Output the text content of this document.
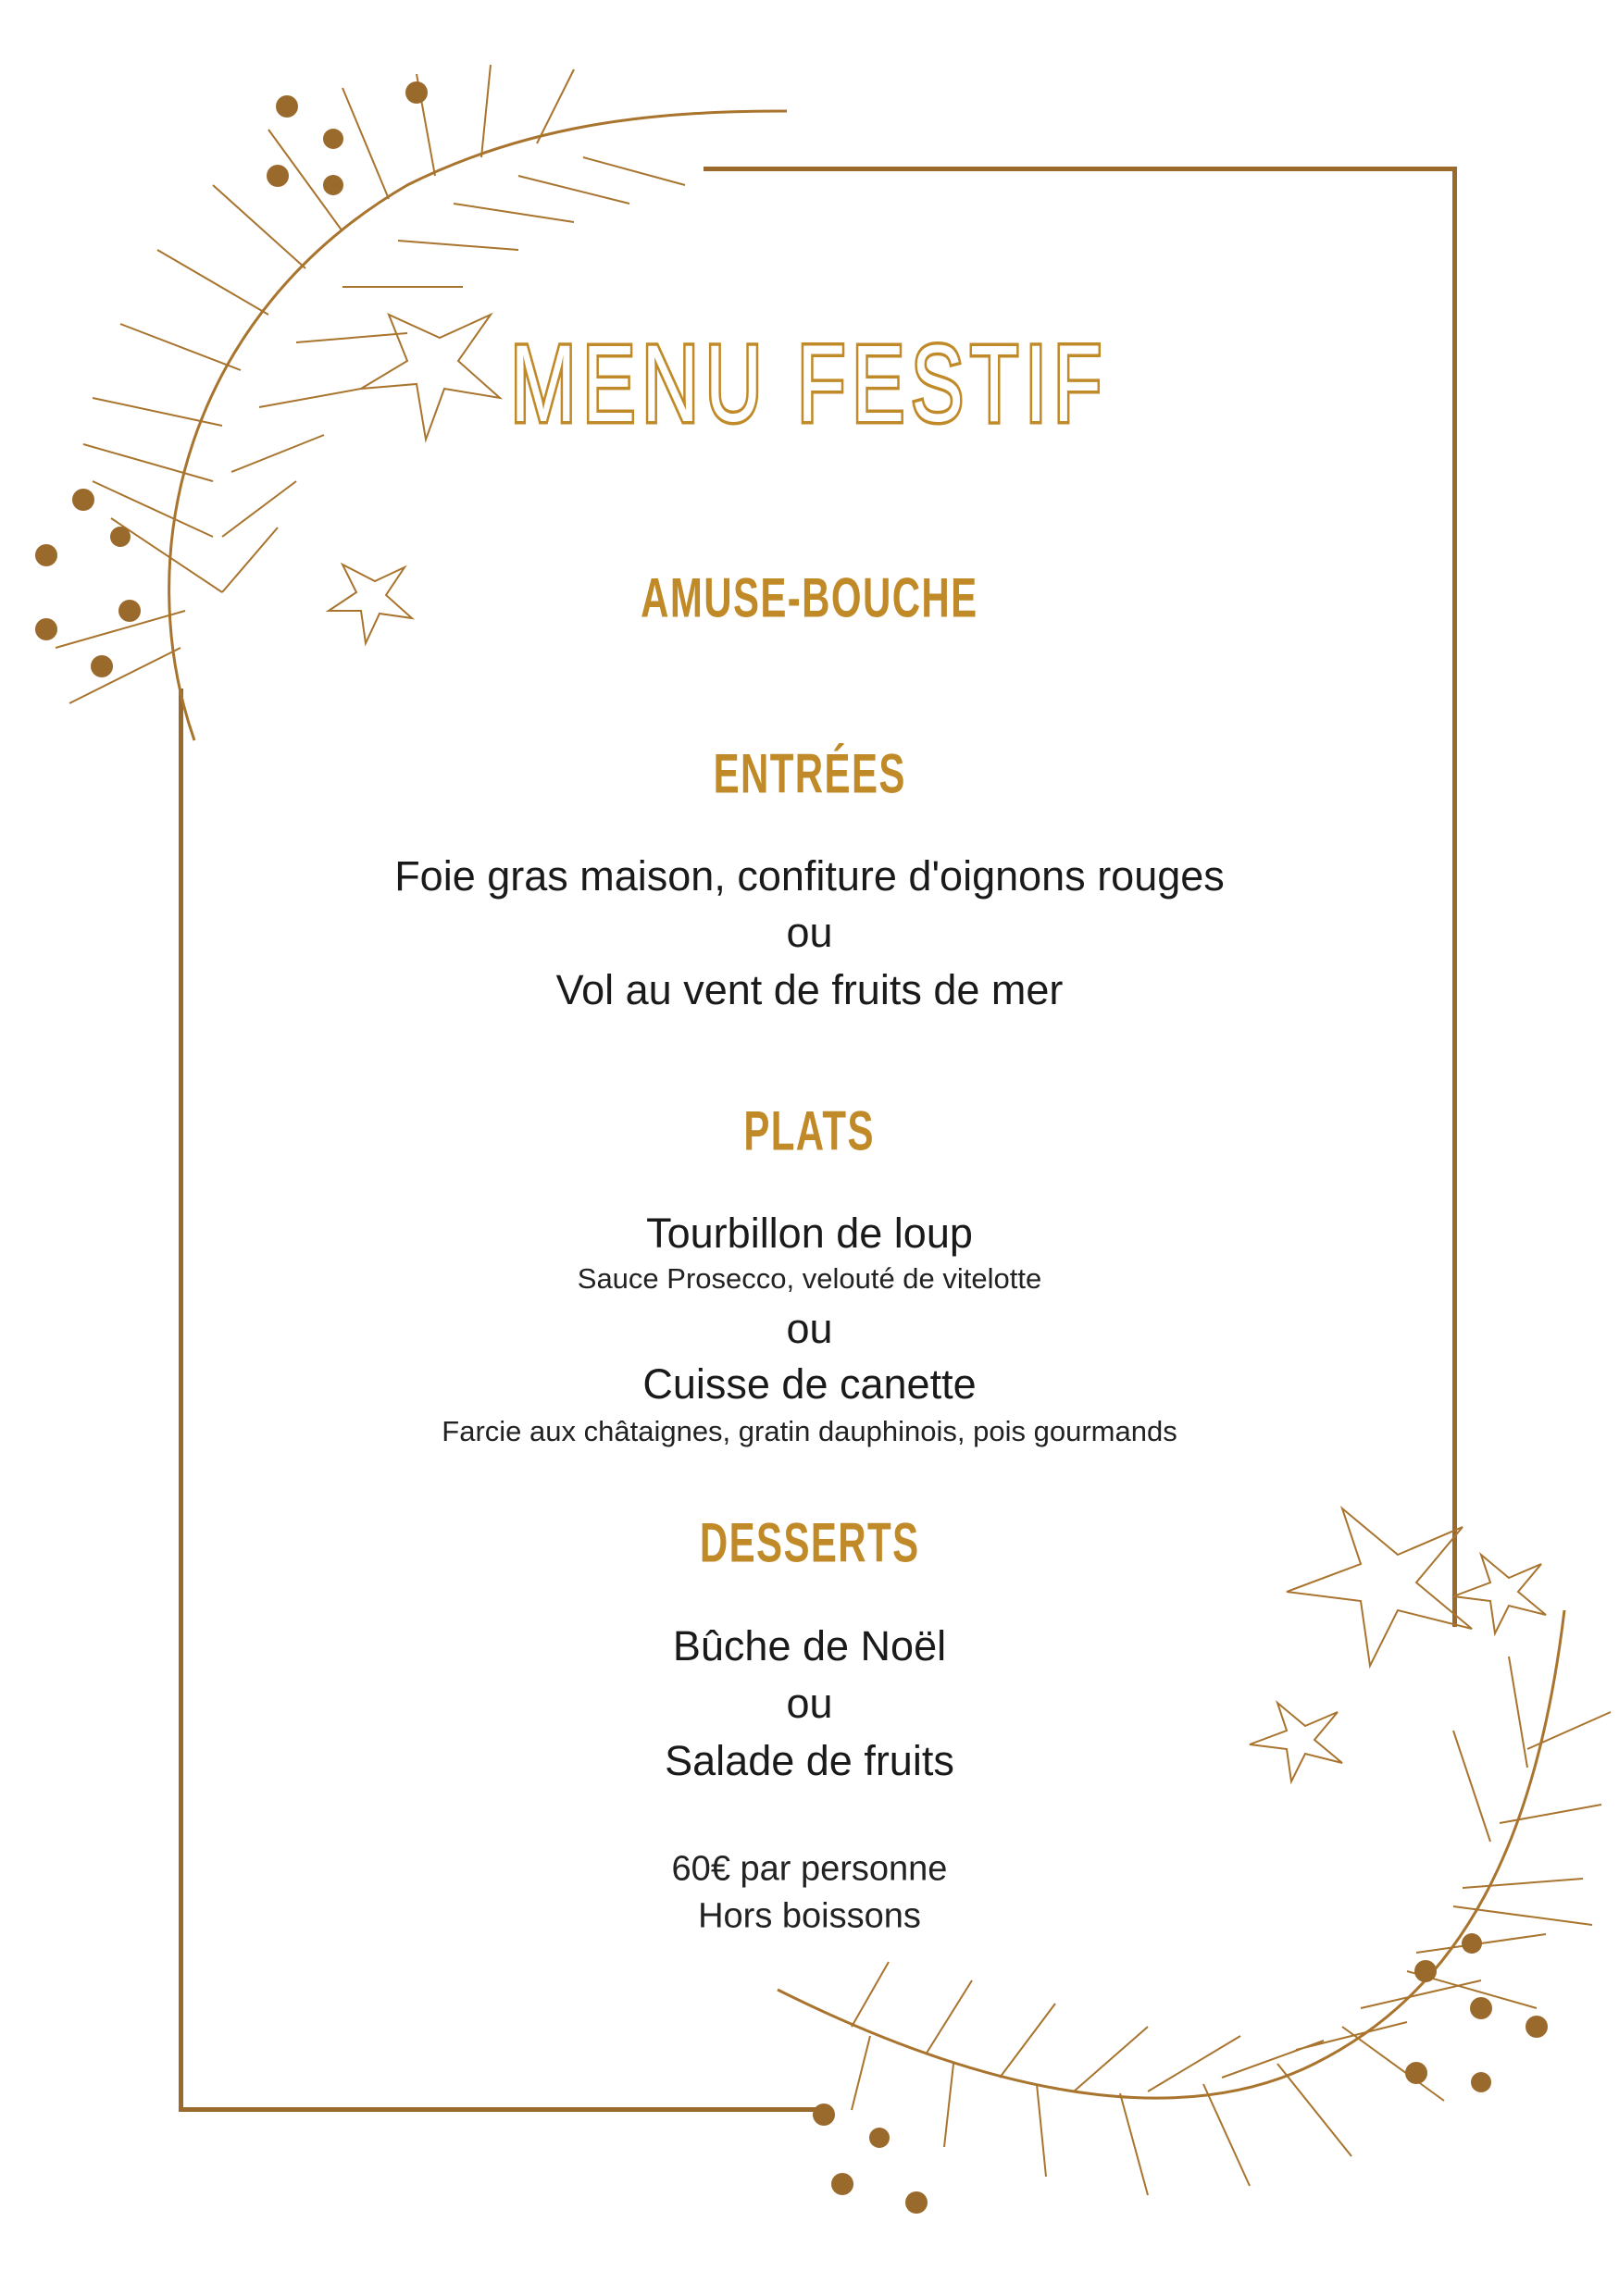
MENU FESTIF
AMUSE-BOUCHE
ENTRÉES
Foie gras maison, confiture d'oignons rouges
ou
Vol au vent de fruits de mer
PLATS
Tourbillon de loup
Sauce Prosecco, velouté de vitelotte
ou
Cuisse de canette
Farcie aux châtaignes, gratin dauphinois, pois gourmands
DESSERTS
Bûche de Noël
ou
Salade de fruits
60€ par personne
Hors boissons
